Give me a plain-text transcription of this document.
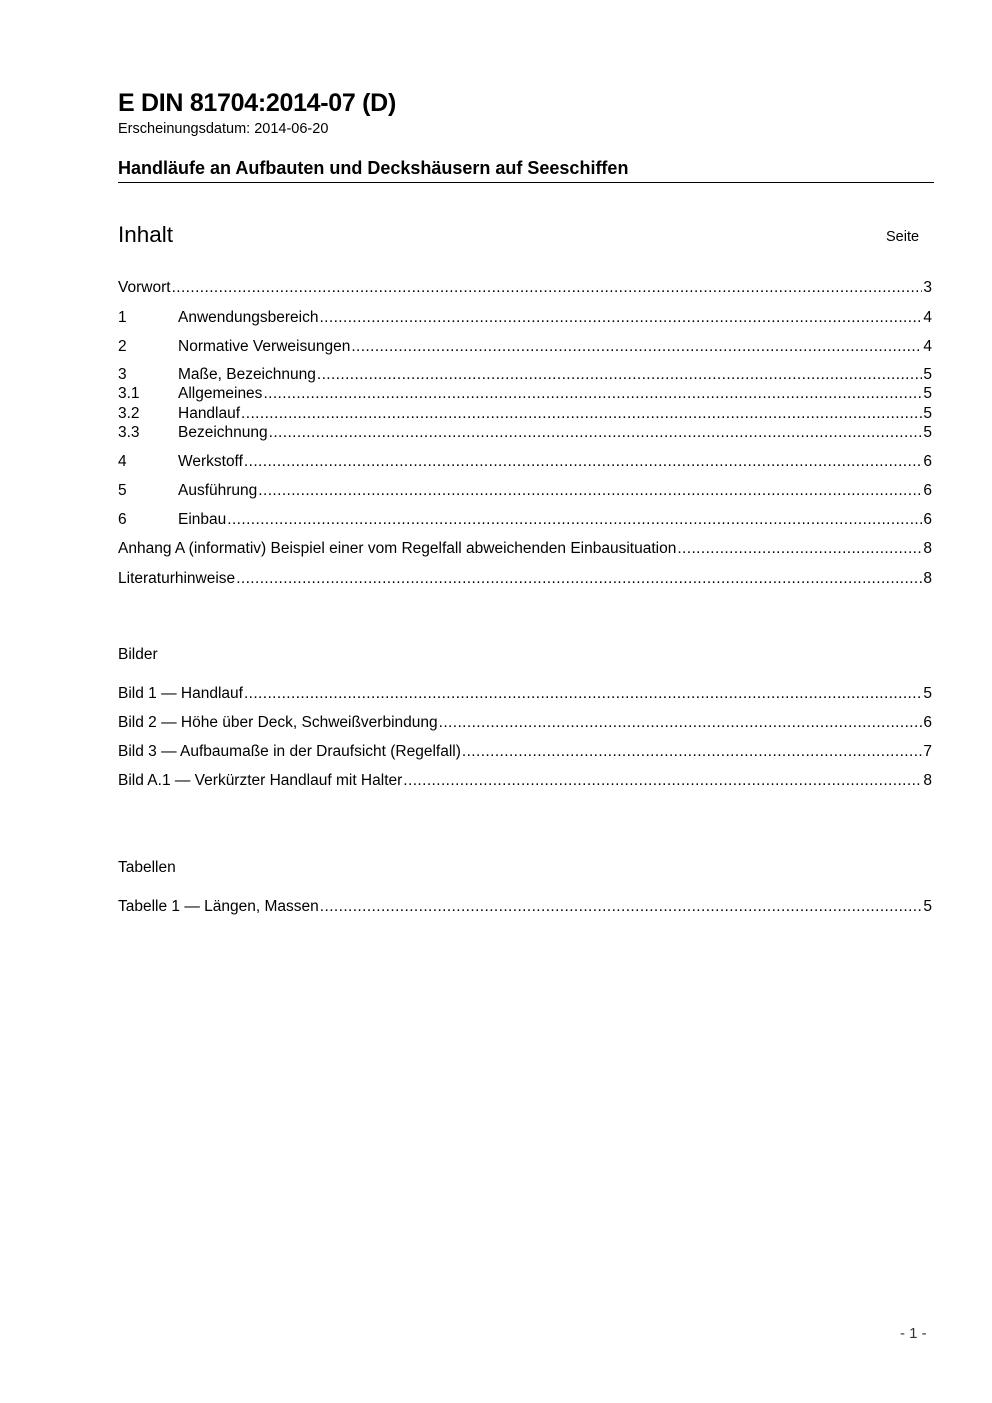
E DIN 81704:2014-07 (D)
Erscheinungsdatum: 2014-06-20
Handläufe an Aufbauten und Deckshäusern auf Seeschiffen
Inhalt	Seite
Vorwort .....	3
1	Anwendungsbereich .....	4
2	Normative Verweisungen .....	4
3	Maße, Bezeichnung .....	5
3.1	Allgemeines .....	5
3.2	Handlauf .....	5
3.3	Bezeichnung .....	5
4	Werkstoff .....	6
5	Ausführung .....	6
6	Einbau .....	6
Anhang A (informativ) Beispiel einer vom Regelfall abweichenden Einbausituation .....	8
Literaturhinweise .....	8
Bilder
Bild 1 — Handlauf .....	5
Bild 2 — Höhe über Deck, Schweißverbindung .....	6
Bild 3 — Aufbaumaße in der Draufsicht (Regelfall) .....	7
Bild A.1 — Verkürzter Handlauf mit Halter .....	8
Tabellen
Tabelle 1 — Längen, Massen .....	5
- 1 -
